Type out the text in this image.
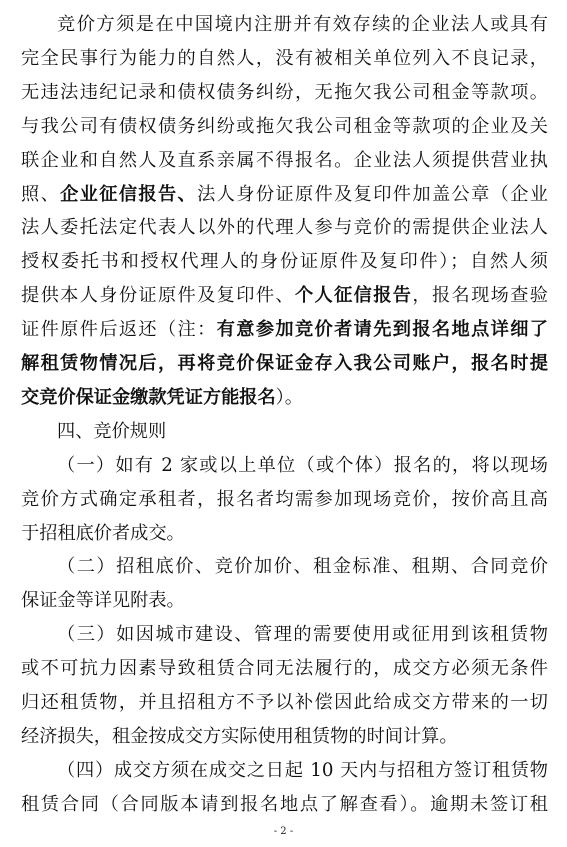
竞价方须是在中国境内注册并有效存续的企业法人或具有
完全民事行为能力的自然人，没有被相关单位列入不良记录，
无违法违纪记录和债权债务纠纷，无拖欠我公司租金等款项。
与我公司有债权债务纠纷或拖欠我公司租金等款项的企业及关
联企业和自然人及直系亲属不得报名。企业法人须提供营业执
照、企业征信报告、法人身份证原件及复印件加盖公章（企业
法人委托法定代表人以外的代理人参与竞价的需提供企业法人
授权委托书和授权代理人的身份证原件及复印件）；自然人须
提供本人身份证原件及复印件、个人征信报告，报名现场查验
证件原件后返还（注：有意参加竞价者请先到报名地点详细了
解租赁物情况后，再将竞价保证金存入我公司账户，报名时提
交竞价保证金缴款凭证方能报名）。
四、竞价规则
（一）如有 2 家或以上单位（或个体）报名的，将以现场
竞价方式确定承租者，报名者均需参加现场竞价，按价高且高
于招租底价者成交。
（二）招租底价、竞价加价、租金标准、租期、合同竞价
保证金等详见附表。
（三）如因城市建设、管理的需要使用或征用到该租赁物
或不可抗力因素导致租赁合同无法履行的，成交方必须无条件
归还租赁物，并且招租方不予以补偿因此给成交方带来的一切
经济损失，租金按成交方实际使用租赁物的时间计算。
（四）成交方须在成交之日起 10 天内与招租方签订租赁物
租赁合同（合同版本请到报名地点了解查看）。逾期未签订租
- 2 -
